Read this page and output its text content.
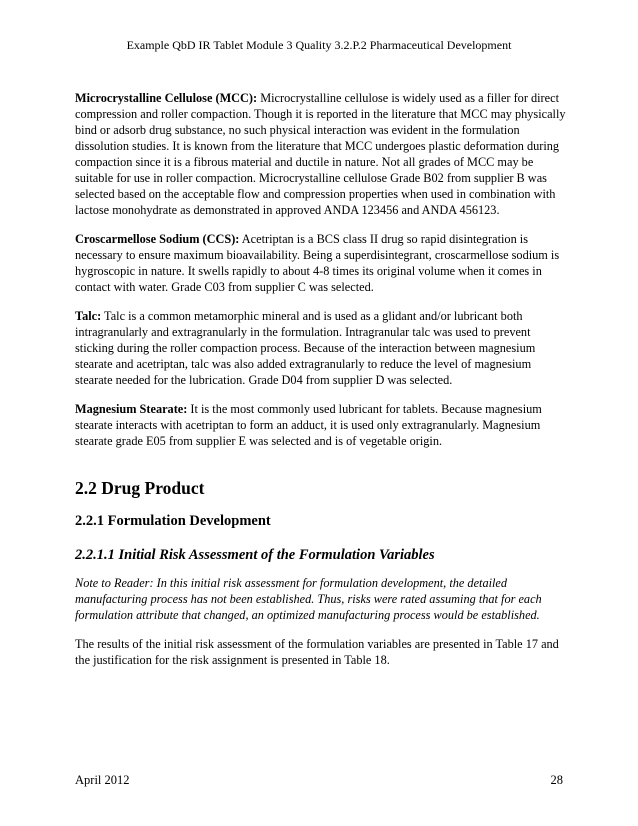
Example QbD IR Tablet Module 3 Quality 3.2.P.2 Pharmaceutical Development

Microcrystalline Cellulose (MCC): Microcrystalline cellulose is widely used as a filler for direct compression and roller compaction. Though it is reported in the literature that MCC may physically bind or adsorb drug substance, no such physical interaction was evident in the formulation dissolution studies. It is known from the literature that MCC undergoes plastic deformation during compaction since it is a fibrous material and ductile in nature. Not all grades of MCC may be suitable for use in roller compaction. Microcrystalline cellulose Grade B02 from supplier B was selected based on the acceptable flow and compression properties when used in combination with lactose monohydrate as demonstrated in approved ANDA 123456 and ANDA 456123.

Croscarmellose Sodium (CCS): Acetriptan is a BCS class II drug so rapid disintegration is necessary to ensure maximum bioavailability. Being a superdisintegrant, croscarmellose sodium is hygroscopic in nature. It swells rapidly to about 4-8 times its original volume when it comes in contact with water. Grade C03 from supplier C was selected.

Talc: Talc is a common metamorphic mineral and is used as a glidant and/or lubricant both intragranularly and extragranularly in the formulation. Intragranular talc was used to prevent sticking during the roller compaction process. Because of the interaction between magnesium stearate and acetriptan, talc was also added extragranularly to reduce the level of magnesium stearate needed for the lubrication. Grade D04 from supplier D was selected.

Magnesium Stearate: It is the most commonly used lubricant for tablets. Because magnesium stearate interacts with acetriptan to form an adduct, it is used only extragranularly. Magnesium stearate grade E05 from supplier E was selected and is of vegetable origin.

2.2 Drug Product
2.2.1 Formulation Development
2.2.1.1 Initial Risk Assessment of the Formulation Variables

Note to Reader: In this initial risk assessment for formulation development, the detailed manufacturing process has not been established. Thus, risks were rated assuming that for each formulation attribute that changed, an optimized manufacturing process would be established.

The results of the initial risk assessment of the formulation variables are presented in Table 17 and the justification for the risk assignment is presented in Table 18.

April 2012	28
